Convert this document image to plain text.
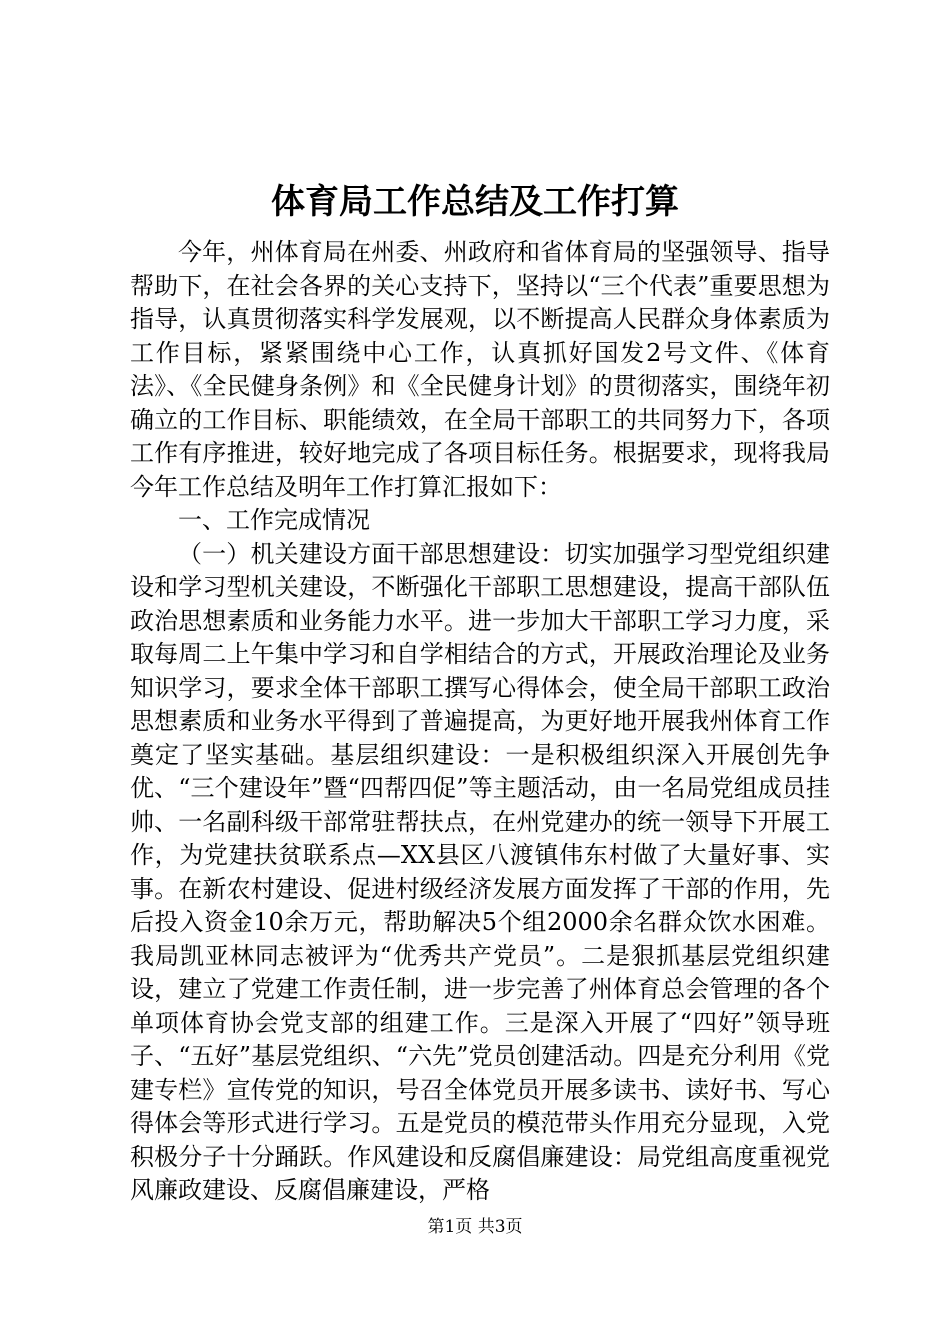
体育局工作总结及工作打算

今年，州体育局在州委、州政府和省体育局的坚强领导、指导帮助下，在社会各界的关心支持下，坚持以“三个代表”重要思想为指导，认真贯彻落实科学发展观，以不断提高人民群众身体素质为工作目标，紧紧围绕中心工作，认真抓好国发2号文件、《体育法》、《全民健身条例》和《全民健身计划》的贯彻落实，围绕年初确立的工作目标、职能绩效，在全局干部职工的共同努力下，各项工作有序推进，较好地完成了各项目标任务。根据要求，现将我局今年工作总结及明年工作打算汇报如下：

一、工作完成情况

（一）机关建设方面干部思想建设：切实加强学习型党组织建设和学习型机关建设，不断强化干部职工思想建设，提高干部队伍政治思想素质和业务能力水平。进一步加大干部职工学习力度，采取每周二上午集中学习和自学相结合的方式，开展政治理论及业务知识学习，要求全体干部职工撰写心得体会，使全局干部职工政治思想素质和业务水平得到了普遍提高，为更好地开展我州体育工作奠定了坚实基础。基层组织建设：一是积极组织深入开展创先争优、“三个建设年”暨“四帮四促”等主题活动，由一名局党组成员挂帅、一名副科级干部常驻帮扶点，在州党建办的统一领导下开展工作，为党建扶贫联系点—XX县区八渡镇伟东村做了大量好事、实事。在新农村建设、促进村级经济发展方面发挥了干部的作用，先后投入资金10余万元，帮助解决5个组2000余名群众饮水困难。我局凯亚林同志被评为“优秀共产党员”。二是狠抓基层党组织建设，建立了党建工作责任制，进一步完善了州体育总会管理的各个单项体育协会党支部的组建工作。三是深入开展了“四好”领导班子、“五好”基层党组织、“六先”党员创建活动。四是充分利用《党建专栏》宣传党的知识，号召全体党员开展多读书、读好书、写心得体会等形式进行学习。五是党员的模范带头作用充分显现，入党积极分子十分踊跃。作风建设和反腐倡廉建设：局党组高度重视党风廉政建设、反腐倡廉建设，严格

第1页 共3页
